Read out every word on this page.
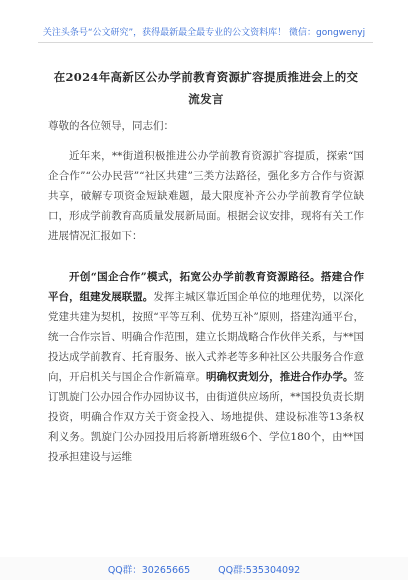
关注头条号“公文研究”，获得最新最全最专业的公文资料库！ 微信：gongwenyj
在2024年高新区公办学前教育资源扩容提质推进会上的交流发言
尊敬的各位领导，同志们：
近年来，**街道积极推进公办学前教育资源扩容提质，探索“国企合作”“公办民营”“社区共建”三类方法路径，强化多方合作与资源共享，破解专项资金短缺难题，最大限度补齐公办学前教育学位缺口，形成学前教育高质量发展新局面。根据会议安排，现将有关工作进展情况汇报如下：
开创“国企合作”模式，拓宽公办学前教育资源路径。搭建合作平台，组建发展联盟。发挥主城区靠近国企单位的地理优势，以深化党建共建为契机，按照“平等互利、优势互补”原则，搭建沟通平台，统一合作宗旨、明确合作范围，建立长期战略合作伙伴关系，与**国投达成学前教育、托育服务、嵌入式养老等多种社区公共服务合作意向，开启机关与国企合作新篇章。明确权责划分，推进合作办学。签订凯旋门公办园合作办园协议书，由街道供应场所，**国投负责长期投资，明确合作双方关于资金投入、场地提供、建设标准等13条权利义务。凯旋门公办园投用后将新增班级6个、学位180个，由**国投承担建设与运维
QQ群：30265665	QQ群:535304092
